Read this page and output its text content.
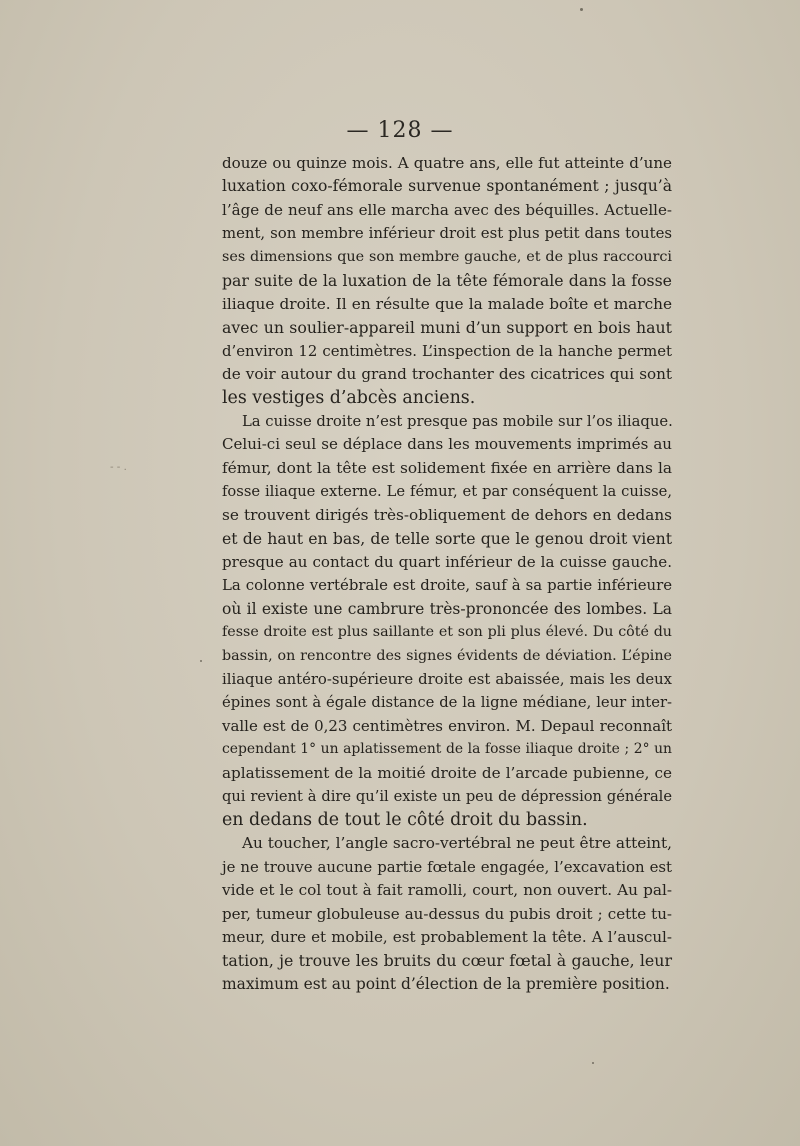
- - .
— 128 —

douze ou quinze mois. A quatre ans, elle fut atteinte d’une
luxation coxo-fémorale survenue spontanément ; jusqu’à
l’âge de neuf ans elle marcha avec des béquilles. Actuelle-
ment, son membre inférieur droit est plus petit dans toutes
ses dimensions que son membre gauche, et de plus raccourci
par suite de la luxation de la tête fémorale dans la fosse
iliaque droite. Il en résulte que la malade boîte et marche
avec un soulier-appareil muni d’un support en bois haut
d’environ 12 centimètres. L’inspection de la hanche permet
de voir autour du grand trochanter des cicatrices qui sont
les vestiges d’abcès anciens.

La cuisse droite n’est presque pas mobile sur l’os iliaque.
Celui-ci seul se déplace dans les mouvements imprimés au
fémur, dont la tête est solidement fixée en arrière dans la
fosse iliaque externe. Le fémur, et par conséquent la cuisse,
se trouvent dirigés très-obliquement de dehors en dedans
et de haut en bas, de telle sorte que le genou droit vient
presque au contact du quart inférieur de la cuisse gauche.
La colonne vertébrale est droite, sauf à sa partie inférieure
où il existe une cambrure très-prononcée des lombes. La
fesse droite est plus saillante et son pli plus élevé. Du côté du
bassin, on rencontre des signes évidents de déviation. L’épine
iliaque antéro-supérieure droite est abaissée, mais les deux
épines sont à égale distance de la ligne médiane, leur inter-
valle est de 0,23 centimètres environ. M. Depaul reconnaît
cependant 1° un aplatissement de la fosse iliaque droite ; 2° un
aplatissement de la moitié droite de l’arcade pubienne, ce
qui revient à dire qu’il existe un peu de dépression générale
en dedans de tout le côté droit du bassin.

Au toucher, l’angle sacro-vertébral ne peut être atteint,
je ne trouve aucune partie fœtale engagée, l’excavation est
vide et le col tout à fait ramolli, court, non ouvert. Au pal-
per, tumeur globuleuse au-dessus du pubis droit ; cette tu-
meur, dure et mobile, est probablement la tête. A l’auscul-
tation, je trouve les bruits du cœur fœtal à gauche, leur
maximum est au point d’élection de la première position.
